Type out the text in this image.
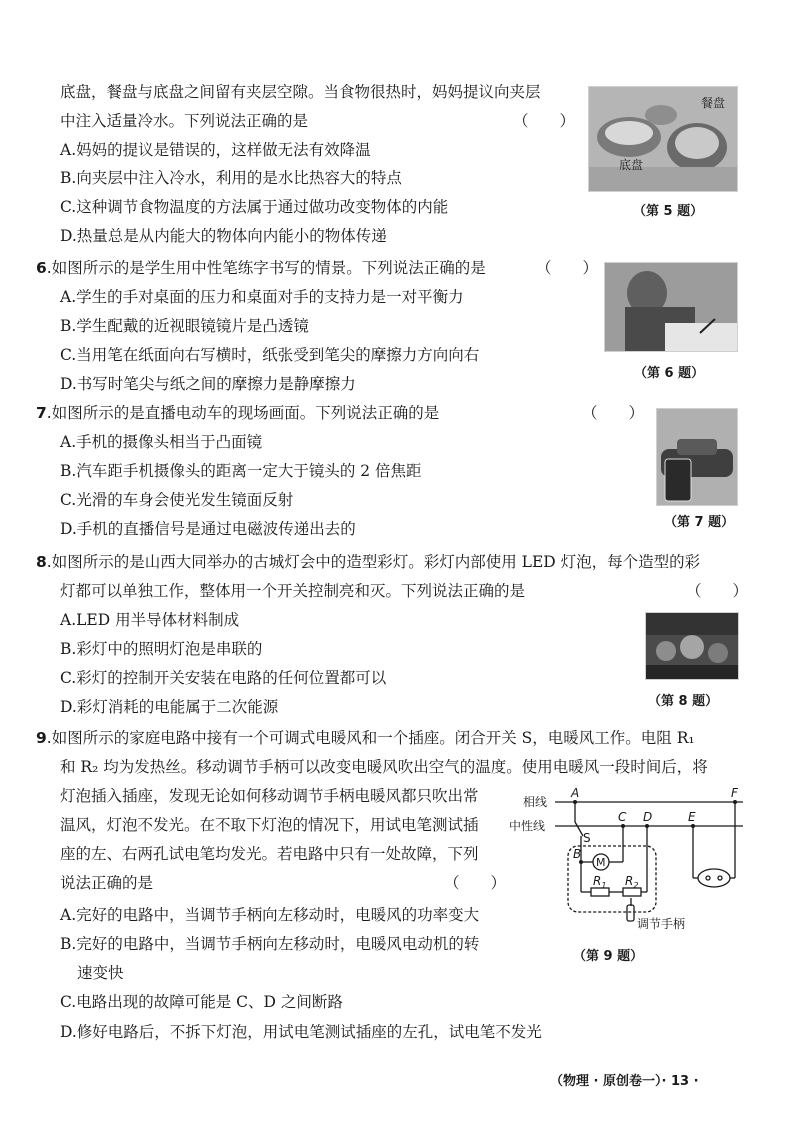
底盘，餐盘与底盘之间留有夹层空隙。当食物很热时，妈妈提议向夹层
中注入适量冷水。下列说法正确的是	（　　）
A.妈妈的提议是错误的，这样做无法有效降温
B.向夹层中注入冷水，利用的是水比热容大的特点
C.这种调节食物温度的方法属于通过做功改变物体的内能
D.热量总是从内能大的物体向内能小的物体传递
餐盘
底盘
（第 5 题）
6.如图所示的是学生用中性笔练字书写的情景。下列说法正确的是	（　　）
A.学生的手对桌面的压力和桌面对手的支持力是一对平衡力
B.学生配戴的近视眼镜镜片是凸透镜
C.当用笔在纸面向右写横时，纸张受到笔尖的摩擦力方向向右
D.书写时笔尖与纸之间的摩擦力是静摩擦力
（第 6 题）
7.如图所示的是直播电动车的现场画面。下列说法正确的是	（　　）
A.手机的摄像头相当于凸面镜
B.汽车距手机摄像头的距离一定大于镜头的 2 倍焦距
C.光滑的车身会使光发生镜面反射
D.手机的直播信号是通过电磁波传递出去的	（第 7 题）
8.如图所示的是山西大同举办的古城灯会中的造型彩灯。彩灯内部使用 LED 灯泡，每个造型的彩
灯都可以单独工作，整体用一个开关控制亮和灭。下列说法正确的是	（　　）
A.LED 用半导体材料制成
B.彩灯中的照明灯泡是串联的
C.彩灯的控制开关安装在电路的任何位置都可以
D.彩灯消耗的电能属于二次能源	（第 8 题）
9.如图所示的家庭电路中接有一个可调式电暖风和一个插座。闭合开关 S，电暖风工作。电阻 R₁
和 R₂ 均为发热丝。移动调节手柄可以改变电暖风吹出空气的温度。使用电暖风一段时间后，将
灯泡插入插座，发现无论如何移动调节手柄电暖风都只吹出常
温风，灯泡不发光。在不取下灯泡的情况下，用试电笔测试插
座的左、右两孔试电笔均发光。若电路中只有一处故障，下列
说法正确的是	（　　）
A.完好的电路中，当调节手柄向左移动时，电暖风的功率变大
B.完好的电路中，当调节手柄向左移动时，电暖风电动机的转
速变快
C.电路出现的故障可能是 C、D 之间断路
D.修好电路后，不拆下灯泡，用试电笔测试插座的左孔，试电笔不发光
相线
中性线
A	F
C D	E
S
B
M
$R_1$ $R_2$
调节手柄
（第 9 题）
（物理 · 原创卷一）· 13 ·
